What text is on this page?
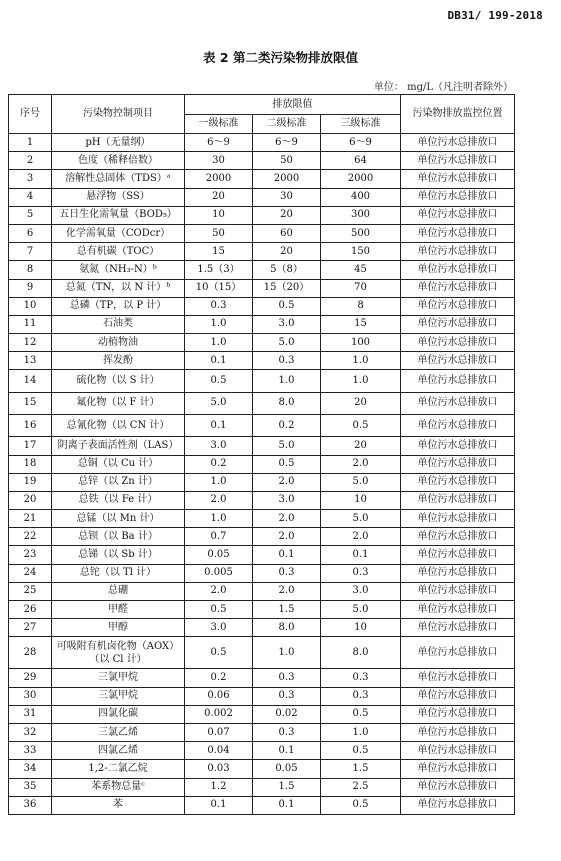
DB31/ 199-2018
表 2 第二类污染物排放限值
单位： mg/L（凡注明者除外）
序号	污染物控制项目	排放限值			污染物排放监控位置
		一级标准	二级标准	三级标准	
1	pH（无量纲）	6～9	6～9	6～9	单位污水总排放口
2	色度（稀释倍数）	30	50	64	单位污水总排放口
3	溶解性总固体（TDS）ᵃ	2000	2000	2000	单位污水总排放口
4	悬浮物（SS）	20	30	400	单位污水总排放口
5	五日生化需氧量（BOD₅）	10	20	300	单位污水总排放口
6	化学需氧量（CODcr）	50	60	500	单位污水总排放口
7	总有机碳（TOC）	15	20	150	单位污水总排放口
8	氨氮（NH₃-N）ᵇ	1.5（3）	5（8）	45	单位污水总排放口
9	总氮（TN，以 N 计）ᵇ	10（15）	15（20）	70	单位污水总排放口
10	总磷（TP，以 P 计）	0.3	0.5	8	单位污水总排放口
11	石油类	1.0	3.0	15	单位污水总排放口
12	动植物油	1.0	5.0	100	单位污水总排放口
13	挥发酚	0.1	0.3	1.0	单位污水总排放口
14	硫化物（以 S 计）	0.5	1.0	1.0	单位污水总排放口
15	氟化物（以 F 计）	5.0	8.0	20	单位污水总排放口
16	总氰化物（以 CN 计）	0.1	0.2	0.5	单位污水总排放口
17	阴离子表面活性剂（LAS）	3.0	5.0	20	单位污水总排放口
18	总铜（以 Cu 计）	0.2	0.5	2.0	单位污水总排放口
19	总锌（以 Zn 计）	1.0	2.0	5.0	单位污水总排放口
20	总铁（以 Fe 计）	2.0	3.0	10	单位污水总排放口
21	总锰（以 Mn 计）	1.0	2.0	5.0	单位污水总排放口
22	总钡（以 Ba 计）	0.7	2.0	2.0	单位污水总排放口
23	总锑（以 Sb 计）	0.05	0.1	0.1	单位污水总排放口
24	总铊（以 Tl 计）	0.005	0.3	0.3	单位污水总排放口
25	总硼	2.0	2.0	3.0	单位污水总排放口
26	甲醛	0.5	1.5	5.0	单位污水总排放口
27	甲醇	3.0	8.0	10	单位污水总排放口
28	可吸附有机卤化物（AOX）（以 Cl 计）	0.5	1.0	8.0	单位污水总排放口
29	三氯甲烷	0.2	0.3	0.3	单位污水总排放口
30	三氯甲烷	0.06	0.3	0.3	单位污水总排放口
31	四氯化碳	0.002	0.02	0.5	单位污水总排放口
32	三氯乙烯	0.07	0.3	1.0	单位污水总排放口
33	四氯乙烯	0.04	0.1	0.5	单位污水总排放口
34	1,2-二氯乙烷	0.03	0.05	1.5	单位污水总排放口
35	苯系物总量ᶜ	1.2	1.5	2.5	单位污水总排放口
36	苯	0.1	0.1	0.5	单位污水总排放口
